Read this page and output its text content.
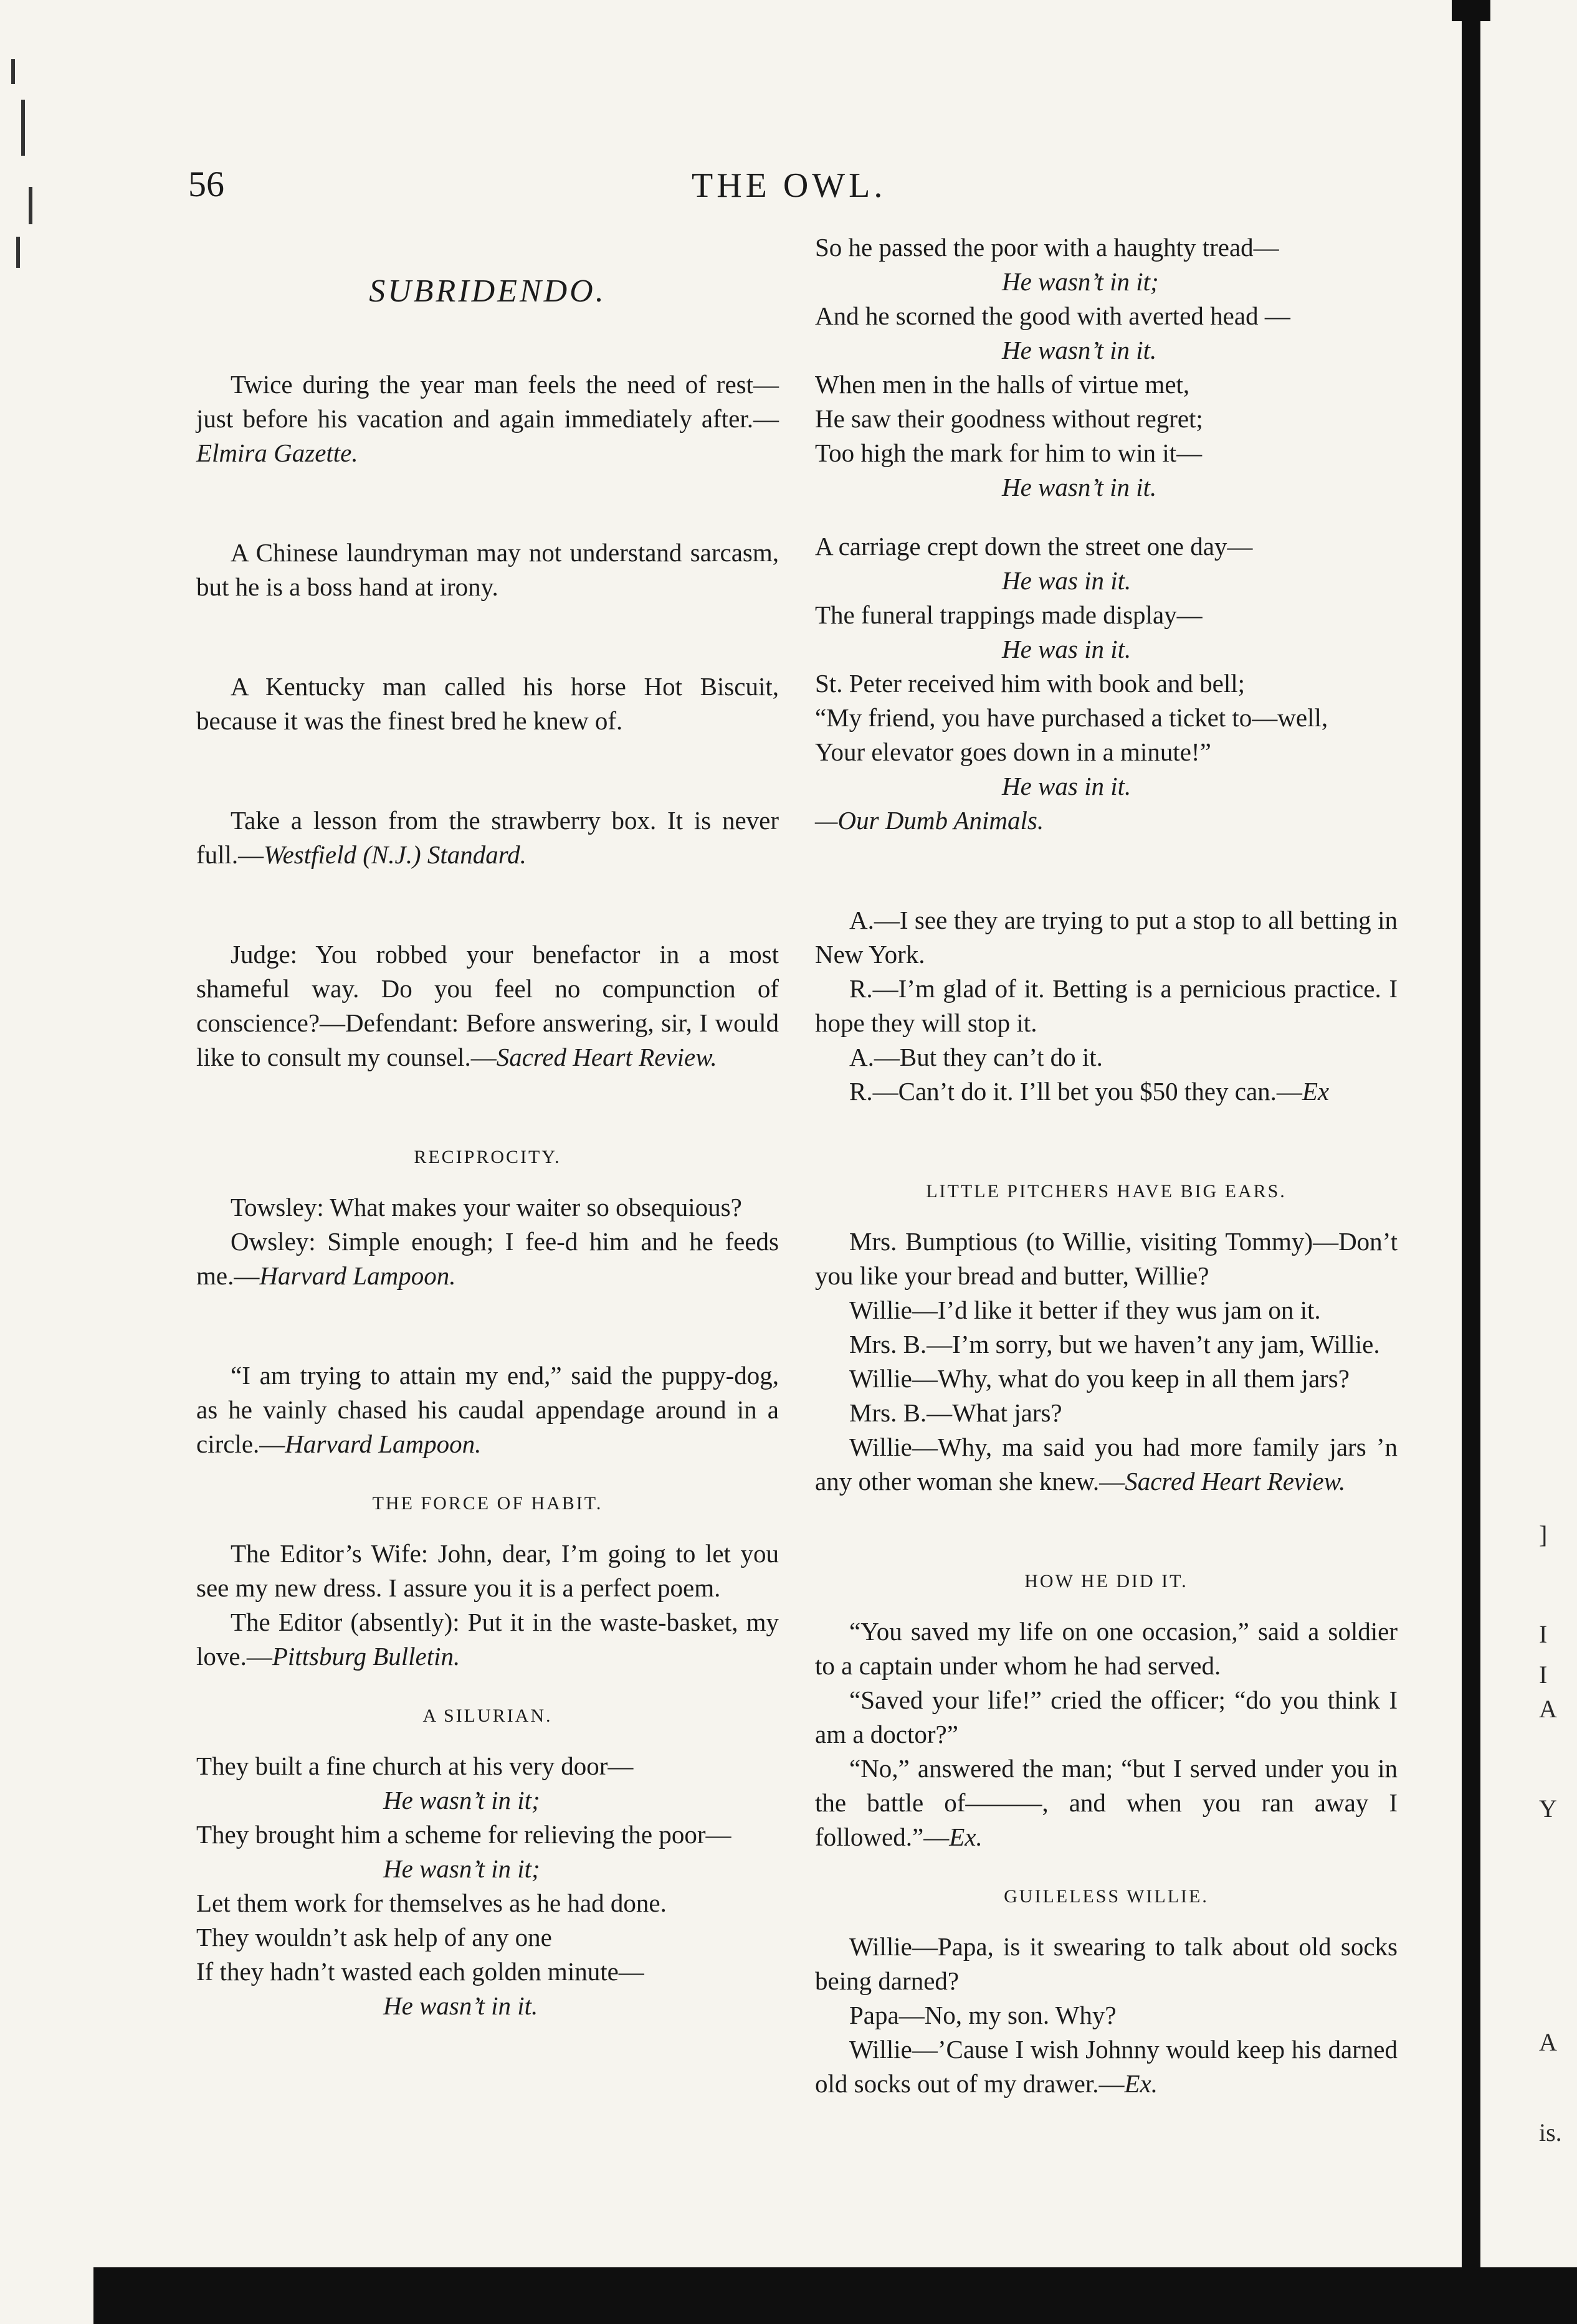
56	THE OWL.
SUBRIDENDO.

Twice during the year man feels the need of rest—just before his vacation and again immediately after.—Elmira Gazette.

A Chinese laundryman may not understand sarcasm, but he is a boss hand at irony.

A Kentucky man called his horse Hot Biscuit, because it was the finest bred he knew of.

Take a lesson from the strawberry box. It is never full.—Westfield (N.J.) Standard.

Judge: You robbed your benefactor in a most shameful way. Do you feel no compunction of conscience?—Defendant: Before answering, sir, I would like to consult my counsel.—Sacred Heart Review.

RECIPROCITY.

Towsley: What makes your waiter so obsequious?

Owsley: Simple enough; I fee-d him and he feeds me.—Harvard Lampoon.

“I am trying to attain my end,” said the puppy-dog, as he vainly chased his caudal appendage around in a circle.—Harvard Lampoon.

THE FORCE OF HABIT.

The Editor’s Wife: John, dear, I’m going to let you see my new dress. I assure you it is a perfect poem.

The Editor (absently): Put it in the waste-basket, my love.—Pittsburg Bulletin.

A SILURIAN.

They built a fine church at his very door—

He wasn’t in it;

They brought him a scheme for relieving the poor—

He wasn’t in it;

Let them work for themselves as he had done.

They wouldn’t ask help of any one

If they hadn’t wasted each golden minute—

He wasn’t in it.

So he passed the poor with a haughty tread—

He wasn’t in it;

And he scorned the good with averted head —

He wasn’t in it.

When men in the halls of virtue met,

He saw their goodness without regret;

Too high the mark for him to win it—

He wasn’t in it.

A carriage crept down the street one day—

He was in it.

The funeral trappings made display—

He was in it.

St. Peter received him with book and bell;

“My friend, you have purchased a ticket to—well,

Your elevator goes down in a minute!”

He was in it.

—Our Dumb Animals.

A.—I see they are trying to put a stop to all betting in New York.

R.—I’m glad of it. Betting is a pernicious practice. I hope they will stop it.

A.—But they can’t do it.

R.—Can’t do it. I’ll bet you $50 they can.—Ex

LITTLE PITCHERS HAVE BIG EARS.

Mrs. Bumptious (to Willie, visiting Tommy)—Don’t you like your bread and butter, Willie?

Willie—I’d like it better if they wus jam on it.

Mrs. B.—I’m sorry, but we haven’t any jam, Willie.

Willie—Why, what do you keep in all them jars?

Mrs. B.—What jars?

Willie—Why, ma said you had more family jars ’n any other woman she knew.—Sacred Heart Review.

HOW HE DID IT.

“You saved my life on one occasion,” said a soldier to a captain under whom he had served.

“Saved your life!” cried the officer; “do you think I am a doctor?”

“No,” answered the man; “but I served under you in the battle of———, and when you ran away I followed.”—Ex.

GUILELESS WILLIE.

Willie—Papa, is it swearing to talk about old socks being darned?

Papa—No, my son. Why?

Willie—’Cause I wish Johnny would keep his darned old socks out of my drawer.—Ex.

]
I
I
A
Y
A
is.
